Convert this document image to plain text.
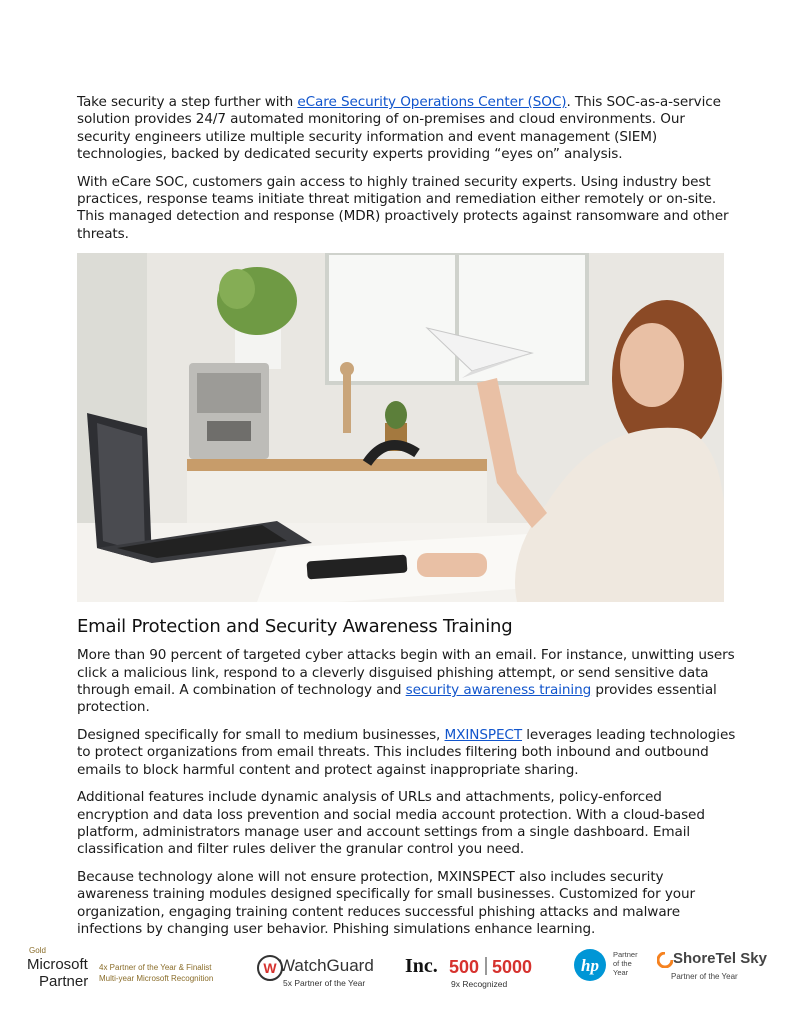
Take security a step further with eCare Security Operations Center (SOC). This SOC-as-a-service solution provides 24/7 automated monitoring of on-premises and cloud environments. Our security engineers utilize multiple security information and event management (SIEM) technologies, backed by dedicated security experts providing “eyes on” analysis.

With eCare SOC, customers gain access to highly trained security experts. Using industry best practices, response teams initiate threat mitigation and remediation either remotely or on-site. This managed detection and response (MDR) proactively protects against ransomware and other threats.

Email Protection and Security Awareness Training

More than 90 percent of targeted cyber attacks begin with an email. For instance, unwitting users click a malicious link, respond to a cleverly disguised phishing attempt, or send sensitive data through email. A combination of technology and security awareness training provides essential protection.

Designed specifically for small to medium businesses, MXINSPECT leverages leading technologies to protect organizations from email threats. This includes filtering both inbound and outbound emails to block harmful content and protect against inappropriate sharing.

Additional features include dynamic analysis of URLs and attachments, policy-enforced encryption and data loss prevention and social media account protection. With a cloud-based platform, administrators manage user and account settings from a single dashboard. Email classification and filter rules deliver the granular control you need.

Because technology alone will not ensure protection, MXINSPECT also includes security awareness training modules designed specifically for small businesses. Customized for your organization, engaging training content reduces successful phishing attacks and malware infections by changing user behavior. Phishing simulations enhance learning.

Gold
Microsoft
Partner
4x Partner of the Year & Finalist
Multi-year Microsoft Recognition
W WatchGuard
5x Partner of the Year
Inc. 500 5000
9x Recognized
hp
Partner
of the
Year
ShoreTel Sky
Partner of the Year
